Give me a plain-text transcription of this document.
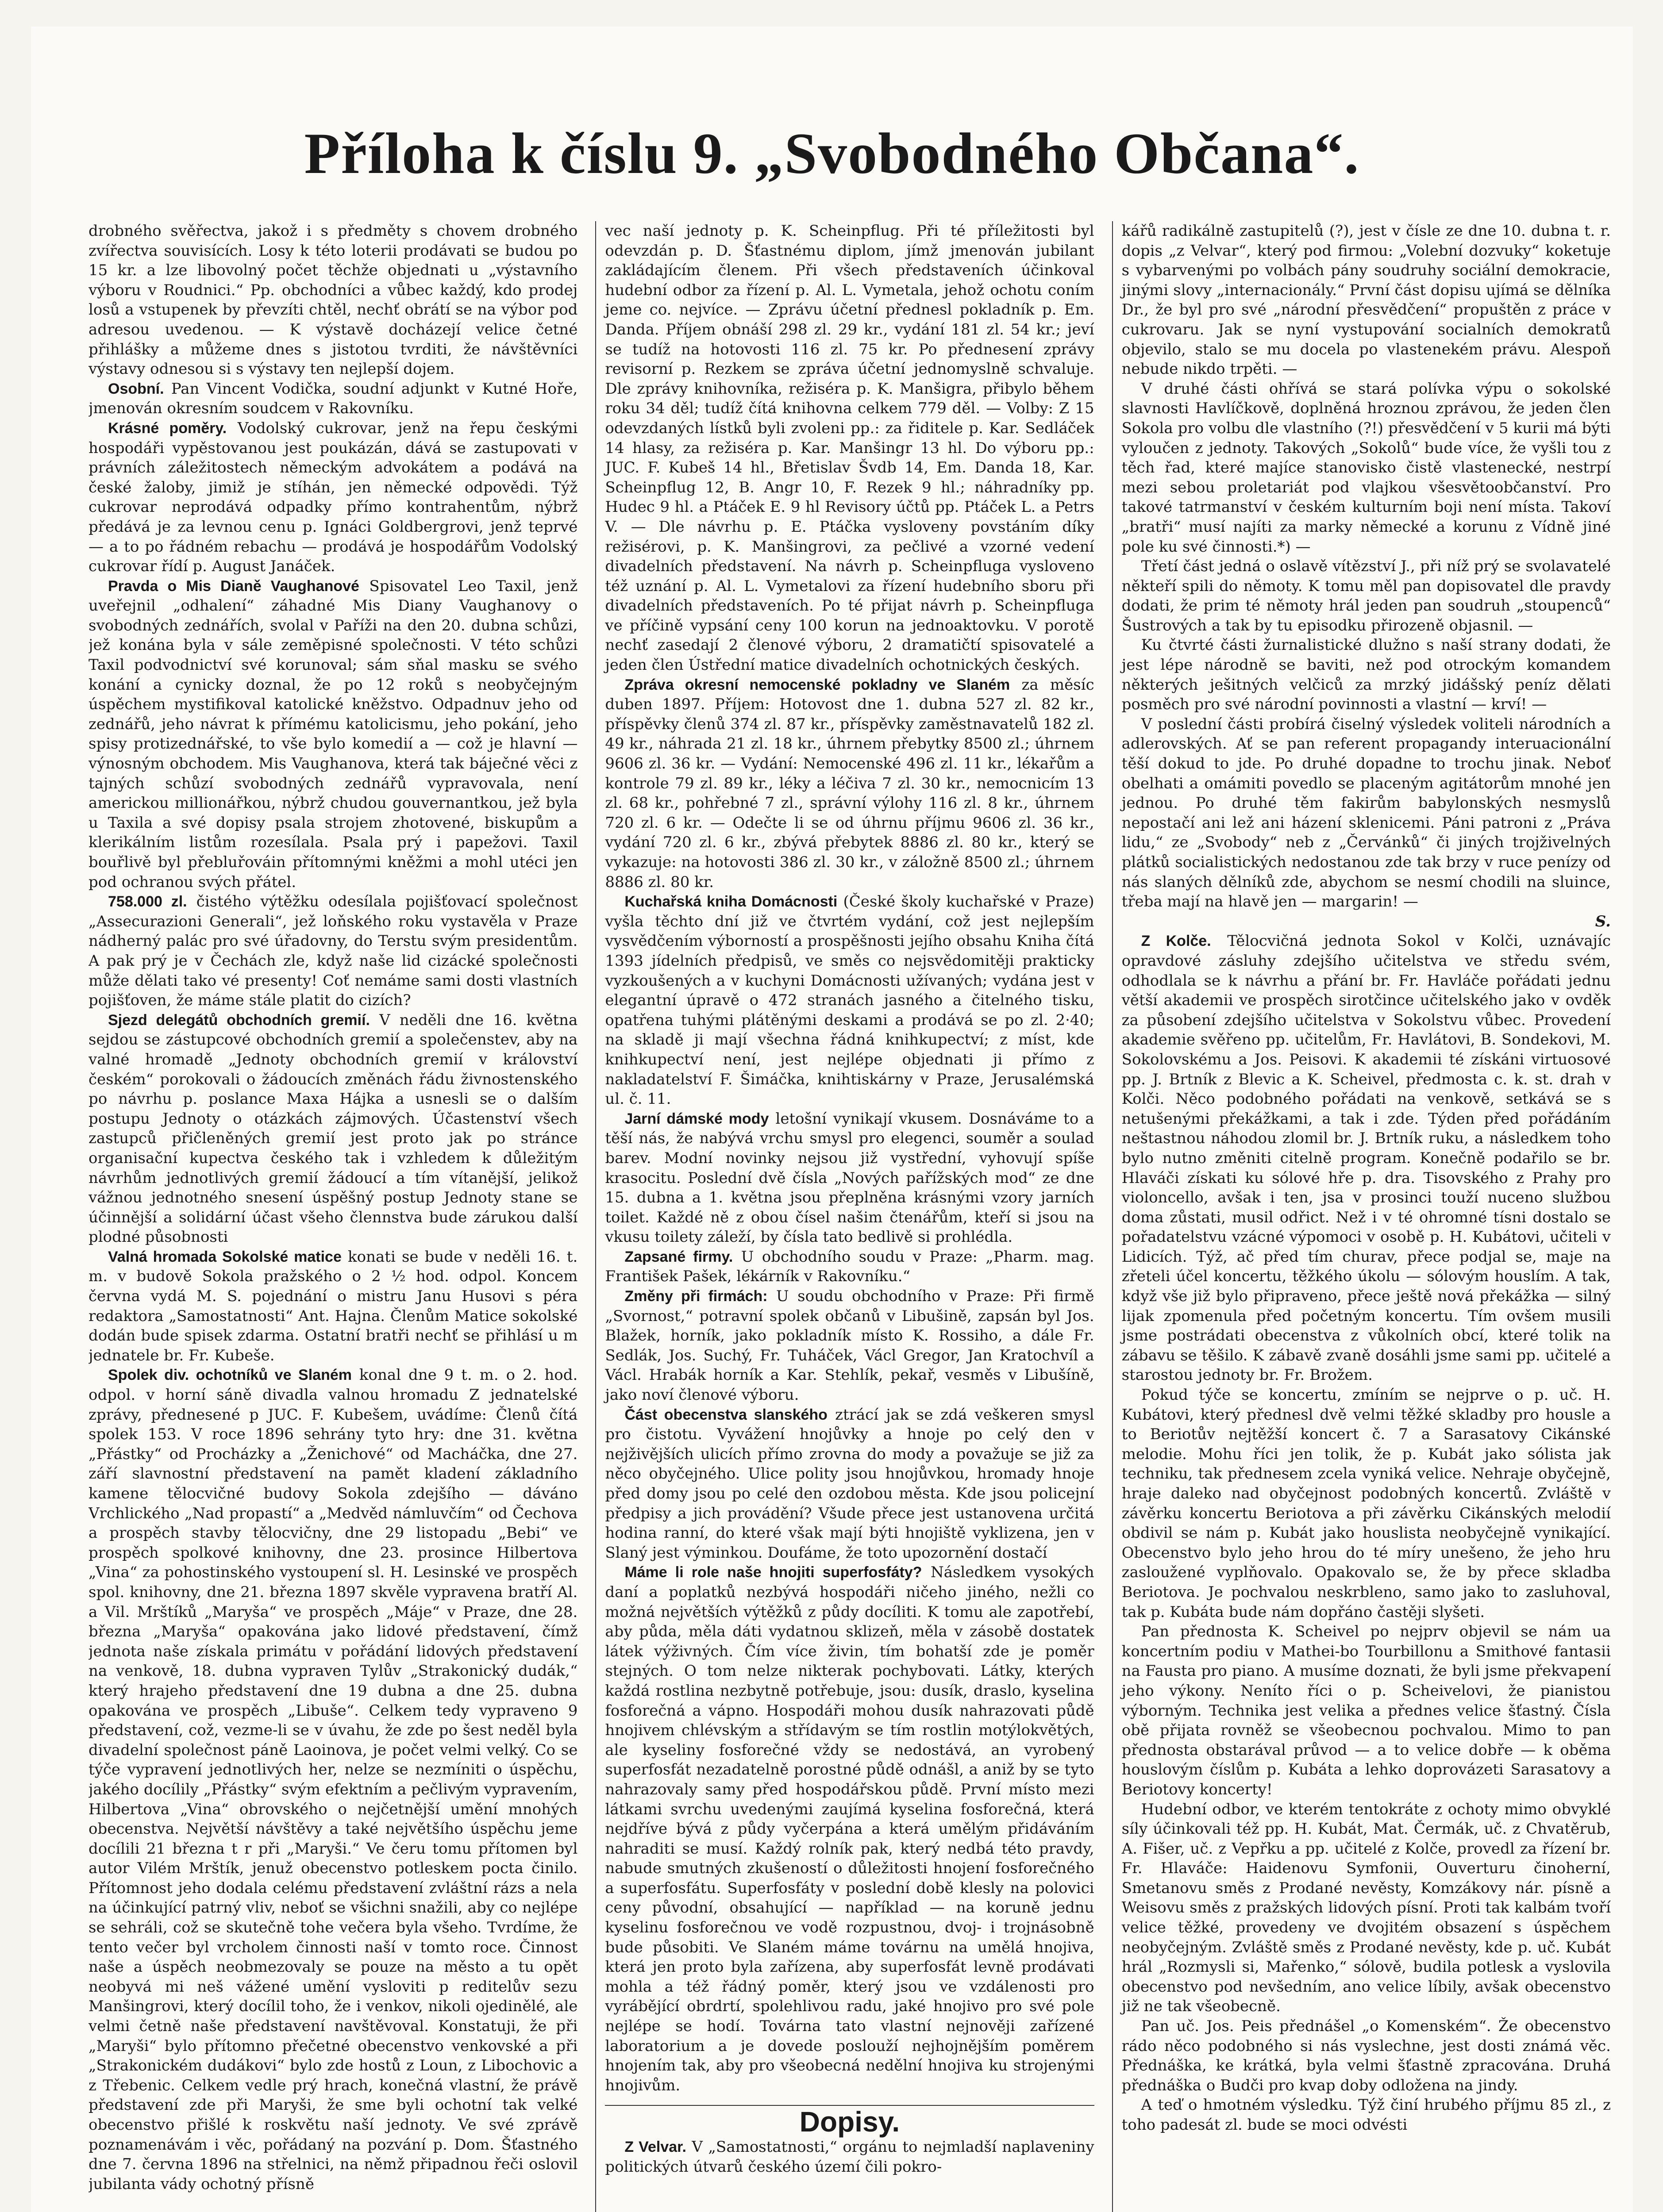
Příloha k číslu 9. „Svobodného Občana“.

drobného svěřectva, jakož i s předměty s chovem drobného zvířectva souvisících. Losy k této loterii prodávati se budou po 15 kr. a lze libovolný počet těchže objednati u „výstavního výboru v Roudnici.“ Pp. obchodníci a vůbec každý, kdo prodej losů a vstupenek by převzíti chtěl, nechť obrátí se na výbor pod adresou uvedenou. — K výstavě docházejí velice četné přihlášky a můžeme dnes s jistotou tvrditi, že návštěvníci výstavy odnesou si s výstavy ten nejlepší dojem.

Osobní. Pan Vincent Vodička, soudní adjunkt v Kutné Hoře, jmenován okresním soudcem v Rakovníku.

Krásné poměry. Vodolský cukrovar, jenž na řepu českými hospodáři vypěstovanou jest poukázán, dává se zastupovati v právních záležitostech německým advokátem a podává na české žaloby, jimiž je stíhán, jen německé odpovědi. Týž cukrovar neprodává odpadky přímo kontrahentům, nýbrž předává je za levnou cenu p. Ignáci Goldbergrovi, jenž teprvé — a to po řádném rebachu — prodává je hospodářům Vodolský cukrovar řídí p. August Janáček.

Pravda o Mis Dianě Vaughanové Spisovatel Leo Taxil, jenž uveřejnil „odhalení“ záhadné Mis Diany Vaughanovy o svobodných zednářích, svolal v Paříži na den 20. dubna schůzi, jež konána byla v sále zeměpisné společnosti. V této schůzi Taxil podvodnictví své korunoval; sám sňal masku se svého konání a cynicky doznal, že po 12 roků s neobyčejným úspěchem mystifikoval katolické kněžstvo. Odpadnuv jeho od zednářů, jeho návrat k přímému katolicismu, jeho pokání, jeho spisy protizednářské, to vše bylo komedií a — což je hlavní — výnosným obchodem. Mis Vaughanova, která tak báječné věci z tajných schůzí svobodných zednářů vypravovala, není americkou millionářkou, nýbrž chudou gouvernantkou, jež byla u Taxila a své dopisy psala strojem zhotovené, biskupům a klerikálním listům rozesílala. Psala prý i papežovi. Taxil bouřlivě byl přebluřováin přítomnými kněžmi a mohl utéci jen pod ochranou svých přátel.

758.000 zl. čistého výtěžku odesílala pojišťovací společnost „Assecurazioni Generali“, jež loňského roku vystavěla v Praze nádherný palác pro své úřadovny, do Terstu svým presidentům. A pak prý je v Čechách zle, když naše lid cizácké společnosti může dělati tako vé presenty! Coť nemáme sami dosti vlastních pojišťoven, že máme stále platit do cizích?

Sjezd delegátů obchodních gremií. V neděli dne 16. května sejdou se zástupcové obchodních gremií a společenstev, aby na valné hromadě „Jednoty obchodních gremií v království českém“ porokovali o žádoucích změnách řádu živnostenského po návrhu p. poslance Maxa Hájka a usnesli se o dalším postupu Jednoty o otázkách zájmových. Účastenství všech zastupců přičleněných gremií jest proto jak po stránce organisační kupectva českého tak i vzhledem k důležitým návrhům jednotlivých gremií žádoucí a tím vítanější, jelikož vážnou jednotného snesení úspěšný postup Jednoty stane se účinnější a solidární účast všeho člennstva bude zárukou další plodné působnosti

Valná hromada Sokolské matice konati se bude v neděli 16. t. m. v budově Sokola pražského o 2 ½ hod. odpol. Koncem června vydá M. S. pojednání o mistru Janu Husovi s péra redaktora „Samostatnosti“ Ant. Hajna. Členům Matice sokolské dodán bude spisek zdarma. Ostatní bratři nechť se přihlásí u m jednatele br. Fr. Kubeše.

Spolek div. ochotníků ve Slaném konal dne 9 t. m. o 2. hod. odpol. v horní sáně divadla valnou hromadu Z jednatelské zprávy, přednesené p JUC. F. Kubešem, uvádíme: Členů čítá spolek 153. V roce 1896 sehrány tyto hry: dne 31. května „Přástky“ od Procházky a „Ženichové“ od Macháčka, dne 27. září slavnostní představení na pamět kladení základního kamene tělocvičné budovy Sokola zdejšího — dáváno Vrchlického „Nad propastí“ a „Medvěd námluvčím“ od Čechova a prospěch stavby tělocvičny, dne 29 listopadu „Bebi“ ve prospěch spolkové knihovny, dne 23. prosince Hilbertova „Vina“ za pohostinského vystoupení sl. H. Lesinské ve prospěch spol. knihovny, dne 21. března 1897 skvěle vypravena bratří Al. a Vil. Mrštíků „Maryša“ ve prospěch „Máje“ v Praze, dne 28. března „Maryša“ opakována jako lidové představení, čímž jednota naše získala primátu v pořádání lidových představení na venkově, 18. dubna vypraven Tylův „Strakonický dudák,“ který hrajeho představení dne 19 dubna a dne 25. dubna opakována ve prospěch „Libuše“. Celkem tedy vypraveno 9 představení, což, vezme-li se v úvahu, že zde po šest neděl byla divadelní společnost páně Laoinova, je počet velmi velký. Co se týče vypravení jednotlivých her, nelze se nezmíniti o úspěchu, jakého docílily „Přástky“ svým efektním a pečlivým vypravením, Hilbertova „Vina“ obrovského o nejčetnější umění mnohých obecenstva. Největší návštěvy a také největšího úspěchu jeme docílili 21 března t r při „Maryši.“ Ve čeru tomu přítomen byl autor Vilém Mrštík, jenuž obecenstvo potleskem pocta činilo. Přítomnost jeho dodala celému představení zvláštní rázs a nela na účinkující patrný vliv, neboť se všichni snažili, aby co nejlépe se sehráli, což se skutečně tohe večera byla všeho. Tvrdíme, že tento večer byl vrcholem činnosti naší v tomto roce. Činnost naše a úspěch neobmezovaly se pouze na město a tu opět neobyvá mi neš vážené umění vysloviti p reditelův sezu Manšingrovi, který docílil toho, že i venkov, nikoli ojedinělé, ale velmi četně naše představení navštěvoval. Konstatuji, že při „Maryši“ bylo přítomno přečetné obecenstvo venkovské a při „Strakonickém dudákovi“ bylo zde hostů z Loun, z Libochovic a z Třebenic. Celkem vedle prý hrach, konečná vlastní, že právě představení zde při Maryši, že sme byli ochotní tak velké obecenstvo přišlé k roskvětu naší jednoty. Ve své zprávě poznamenávám i věc, pořádaný na pozvání p. Dom. Šťastného dne 7. června 1896 na střelnici, na němž připadnou řeči oslovil jubilanta vády ochotný přísně

vec naší jednoty p. K. Scheinpflug. Při té příležitosti byl odevzdán p. D. Šťastnému diplom, jímž jmenován jubilant zakládajícím členem. Při všech představeních účinkoval hudební odbor za řízení p. Al. L. Vymetala, jehož ochotu coním jeme co. nejvíce. — Zprávu účetní přednesl pokladník p. Em. Danda. Příjem obnáší 298 zl. 29 kr., vydání 181 zl. 54 kr.; jeví se tudíž na hotovosti 116 zl. 75 kr. Po přednesení zprávy revisorní p. Rezkem se zpráva účetní jednomyslně schvaluje. Dle zprávy knihovníka, režiséra p. K. Manšigra, přibylo během roku 34 děl; tudíž čítá knihovna celkem 779 děl. — Volby: Z 15 odevzdaných lístků byli zvoleni pp.: za řiditele p. Kar. Sedláček 14 hlasy, za režiséra p. Kar. Manšingr 13 hl. Do výboru pp.: JUC. F. Kubeš 14 hl., Břetislav Švdb 14, Em. Danda 18, Kar. Scheinpflug 12, B. Angr 10, F. Rezek 9 hl.; náhradníky pp. Hudec 9 hl. a Ptáček E. 9 hl Revisory účtů pp. Ptáček L. a Petrs V. — Dle návrhu p. E. Ptáčka vysloveny povstáním díky režisérovi, p. K. Manšingrovi, za pečlivé a vzorné vedení divadelních představení. Na návrh p. Scheinpfluga vysloveno též uznání p. Al. L. Vymetalovi za řízení hudebního sboru při divadelních představeních. Po té přijat návrh p. Scheinpfluga ve příčině vypsání ceny 100 korun na jednoaktovku. V porotě nechť zasedají 2 členové výboru, 2 dramatičtí spisovatelé a jeden člen Ústřední matice divadelních ochotnických českých.

Zpráva okresní nemocenské pokladny ve Slaném za měsíc duben 1897. Příjem: Hotovost dne 1. dubna 527 zl. 82 kr., příspěvky členů 374 zl. 87 kr., příspěvky zaměstnavatelů 182 zl. 49 kr., náhrada 21 zl. 18 kr., úhrnem přebytky 8500 zl.; úhrnem 9606 zl. 36 kr. — Vydání: Nemocenské 496 zl. 11 kr., lékařům a kontrole 79 zl. 89 kr., léky a léčiva 7 zl. 30 kr., nemocnicím 13 zl. 68 kr., pohřebné 7 zl., správní výlohy 116 zl. 8 kr., úhrnem 720 zl. 6 kr. — Odečte li se od úhrnu příjmu 9606 zl. 36 kr., vydání 720 zl. 6 kr., zbývá přebytek 8886 zl. 80 kr., který se vykazuje: na hotovosti 386 zl. 30 kr., v záložně 8500 zl.; úhrnem 8886 zl. 80 kr.

Kuchařská kniha Domácnosti (České školy kuchařské v Praze) vyšla těchto dní již ve čtvrtém vydání, což jest nejlepším vysvědčením výborností a prospěšnosti jejího obsahu Kniha čítá 1393 jídelních předpisů, ve směs co nejsvědomitěji prakticky vyzkoušených a v kuchyni Domácnosti užívaných; vydána jest v elegantní úpravě o 472 stranách jasného a čitelného tisku, opatřena tuhými plátěnými deskami a prodává se po zl. 2·40; na skladě ji mají všechna řádná knihkupectví; z míst, kde knihkupectví není, jest nejlépe objednati ji přímo z nakladatelství F. Šimáčka, knihtiskárny v Praze, Jerusalémská ul. č. 11.

Jarní dámské mody letošní vynikají vkusem. Dosnáváme to a těší nás, že nabývá vrchu smysl pro elegenci, souměr a soulad barev. Modní novinky nejsou již vystřední, vyhovují spíše krasocitu. Poslední dvě čísla „Nových pařížských mod“ ze dne 15. dubna a 1. května jsou přeplněna krásnými vzory jarních toilet. Každé ně z obou čísel našim čtenářům, kteří si jsou na vkusu toilety záleží, by čísla tato bedlivě si prohlédla.

Zapsané firmy. U obchodního soudu v Praze: „Pharm. mag. František Pašek, lékárník v Rakovníku.“

Změny při firmách: U soudu obchodního v Praze: Při firmě „Svornost,“ potravní spolek občanů v Libušině, zapsán byl Jos. Blažek, horník, jako pokladník místo K. Rossiho, a dále Fr. Sedlák, Jos. Suchý, Fr. Tuháček, Václ Gregor, Jan Kratochvíl a Václ. Hrabák horník a Kar. Stehlík, pekař, vesměs v Libušíně, jako noví členové výboru.

Část obecenstva slanského ztrácí jak se zdá veškeren smysl pro čistotu. Vyvážení hnojůvky a hnoje po celý den v nejživějších ulicích přímo zrovna do mody a považuje se již za něco obyčejného. Ulice polity jsou hnojůvkou, hromady hnoje před domy jsou po celé den ozdobou města. Kde jsou policejní předpisy a jich provádění? Všude přece jest ustanovena určitá hodina ranní, do které však mají býti hnojiště vyklizena, jen v Slaný jest výminkou. Doufáme, že toto upozornění dostačí

Máme li role naše hnojiti superfosfáty? Následkem vysokých daní a poplatků nezbývá hospodáři ničeho jiného, nežli co možná největších výtěžků z půdy docíliti. K tomu ale zapotřebí, aby půda, měla dáti vydatnou sklizeň, měla v zásobě dostatek látek výživných. Čím více živin, tím bohatší zde je poměr stejných. O tom nelze nikterak pochybovati. Látky, kterých každá rostlina nezbytně potřebuje, jsou: dusík, draslo, kyselina fosforečná a vápno. Hospodáři mohou dusík nahrazovati půdě hnojivem chlévským a střídavým se tím rostlin motýlokvětých, ale kyseliny fosforečné vždy se nedostává, an vyrobený superfosfát nezadatelně porostné půdě odnášl, a aniž by se tyto nahrazovaly samy před hospodářskou půdě. První místo mezi látkami svrchu uvedenými zaujímá kyselina fosforečná, která nejdříve bývá z půdy vyčerpána a která umělým přidáváním nahraditi se musí. Každý rolník pak, který nedbá této pravdy, nabude smutných zkušeností o důležitosti hnojení fosforečného a superfosfátu. Superfosfáty v poslední době klesly na polovici ceny původní, obsahující — například — na koruně jednu kyselinu fosforečnou ve vodě rozpustnou, dvoj- i trojnásobně bude působiti. Ve Slaném máme továrnu na umělá hnojiva, která jen proto byla zařízena, aby superfosfát levně prodávati mohla a též řádný poměr, který jsou ve vzdálenosti pro vyrábějící obrdrtí, spolehlivou radu, jaké hnojivo pro své pole nejlépe se hodí. Továrna tato vlastní nejnověji zařízené laboratorium a je dovede poslouží nejhojnějším poměrem hnojením tak, aby pro všeobecná nedělní hnojiva ku strojenými hnojivům.

Dopisy.

Z Velvar. V „Samostatnosti,“ orgánu to nejmladší naplaveniny politických útvarů českého území čili pokro-

kářů radikálně zastupitelů (?), jest v čísle ze dne 10. dubna t. r. dopis „z Velvar“, který pod firmou: „Volební dozvuky“ koketuje s vybarvenými po volbách pány soudruhy sociální demokracie, jinými slovy „internacionály.“ První část dopisu ujímá se dělníka Dr., že byl pro své „národní přesvědčení“ propuštěn z práce v cukrovaru. Jak se nyní vystupování socialních demokratů objevilo, stalo se mu docela po vlastenekém právu. Alespoň nebude nikdo trpěti. —

V druhé části ohřívá se stará polívka výpu o sokolské slavnosti Havlíčkově, doplněná hroznou zprávou, že jeden člen Sokola pro volbu dle vlastního (?!) přesvědčení v 5 kurii má býti vyloučen z jednoty. Takových „Sokolů“ bude více, že vyšli tou z těch řad, které majíce stanovisko čistě vlastenecké, nestrpí mezi sebou proletariát pod vlajkou všesvětoobčanství. Pro takové tatrmanství v českém kulturním boji není místa. Takoví „bratři“ musí najíti za marky německé a korunu z Vídně jiné pole ku své činnosti.*) —

Třetí část jedná o oslavě vítězství J., při níž prý se svolavatelé někteří spili do němoty. K tomu měl pan dopisovatel dle pravdy dodati, že prim té němoty hrál jeden pan soudruh „stoupenců“ Šustrových a tak by tu episodku přirozeně objasnil. —

Ku čtvrté části žurnalistické dlužno s naší strany dodati, že jest lépe národně se baviti, než pod otrockým komandem některých ješitných velčiců za mrzký jidášský peníz dělati posměch pro své národní povinnosti a vlastní — krví! —

V poslední části probírá čiselný výsledek voliteli národních a adlerovských. Ať se pan referent propagandy interuacionální těší dokud to jde. Po druhé dopadne to trochu jinak. Neboť obelhati a omámiti povedlo se placeným agitátorům mnohé jen jednou. Po druhé těm fakirům babylonských nesmyslů nepostačí ani lež ani házení sklenicemi. Páni patroni z „Práva lidu,“ ze „Svobody“ neb z „Červánků“ či jiných trojživelných plátků socialistických nedostanou zde tak brzy v ruce penízy od nás slaných dělníků zde, abychom se nesmí chodili na sluince, třeba mají na hlavě jen — margarin! —

S.

Z Kolče. Tělocvičná jednota Sokol v Kolči, uznávajíc opravdové zásluhy zdejšího učitelstva ve středu svém, odhodlala se k návrhu a přání br. Fr. Havláče pořádati jednu větší akademii ve prospěch sirotčince učitelského jako v ovděk za působení zdejšího učitelstva v Sokolstvu vůbec. Provedení akademie svěřeno pp. učitelům, Fr. Havlátovi, B. Sondekovi, M. Sokolovskému a Jos. Peisovi. K akademii té získáni virtuosové pp. J. Brtník z Blevic a K. Scheivel, předmosta c. k. st. drah v Kolči. Něco podobného pořádati na venkově, setkává se s netušenými překážkami, a tak i zde. Týden před pořádáním neštastnou náhodou zlomil br. J. Brtník ruku, a následkem toho bylo nutno změniti citelně program. Konečně podařilo se br. Hlaváči získati ku sólové hře p. dra. Tisovského z Prahy pro violoncello, avšak i ten, jsa v prosinci touží nuceno službou doma zůstati, musil odřict. Než i v té ohromné tísni dostalo se pořadatelstvu vzácné výpomoci v osobě p. H. Kubátovi, učiteli v Lidicích. Týž, ač před tím churav, přece podjal se, maje na zřeteli účel koncertu, těžkého úkolu — sólovým houslím. A tak, když vše již bylo připraveno, přece ještě nová překážka — silný lijak zpomenula před početným koncertu. Tím ovšem musili jsme postrádati obecenstva z vůkolních obcí, které tolik na zábavu se těšilo. K zábavě zvaně dosáhli jsme sami pp. učitelé a starostou jednoty br. Fr. Brožem.

Pokud týče se koncertu, zmíním se nejprve o p. uč. H. Kubátovi, který přednesl dvě velmi těžké skladby pro housle a to Beriotův nejtěžší koncert č. 7 a Sarasatovy Cikánské melodie. Mohu říci jen tolik, že p. Kubát jako sólista jak techniku, tak přednesem zcela vyniká velice. Nehraje obyčejně, hraje daleko nad obyčejnost podobných koncertů. Zvláště v závěrku koncertu Beriotova a při závěrku Cikánských melodií obdivil se nám p. Kubát jako houslista neobyčejně vynikající. Obecenstvo bylo jeho hrou do té míry unešeno, že jeho hru zasloužené vyplňovalo. Opakovalo se, že by přece skladba Beriotova. Je pochvalou neskrbleno, samo jako to zasluhoval, tak p. Kubáta bude nám dopřáno častěji slyšeti.

Pan přednosta K. Scheivel po nejprv objevil se nám ua koncertním podiu v Mathei-bo Tourbillonu a Smithové fantasii na Fausta pro piano. A musíme doznati, že byli jsme překvapení jeho výkony. Neníto říci o p. Scheivelovi, že pianistou výborným. Technika jest velika a přednes velice šťastný. Čísla obě přijata rovněž se všeobecnou pochvalou. Mimo to pan přednosta obstarával průvod — a to velice dobře — k oběma houslovým číslům p. Kubáta a lehko doprovázeti Sarasatovy a Beriotovy koncerty!

Hudební odbor, ve kterém tentokráte z ochoty mimo obvyklé síly účinkovali též pp. H. Kubát, Mat. Čermák, uč. z Chvatěrub, A. Fišer, uč. z Vepřku a pp. učitelé z Kolče, provedl za řízení br. Fr. Hlaváče: Haidenovu Symfonii, Ouverturu činoherní, Smetanovu směs z Prodané nevěsty, Komzákovy nár. písně a Weisovu směs z pražských lidových písní. Proti tak kalbám tvoří velice těžké, provedeny ve dvojitém obsazení s úspěchem neobyčejným. Zvláště směs z Prodané nevěsty, kde p. uč. Kubát hrál „Rozmysli si, Mařenko,“ sólově, budila potlesk a vyslovila obecenstvo pod nevšedním, ano velice líbily, avšak obecenstvo již ne tak všeobecně.

Pan uč. Jos. Peis přednášel „o Komenském“. Že obecenstvo rádo něco podobného si nás vyslechne, jest dosti známá věc. Přednáška, ke krátká, byla velmi šťastně zpracována. Druhá přednáška o Budči pro kvap doby odložena na jindy.

A teď o hmotném výsledku. Týž činí hrubého příjmu 85 zl., z toho padesát zl. bude se moci odvésti
